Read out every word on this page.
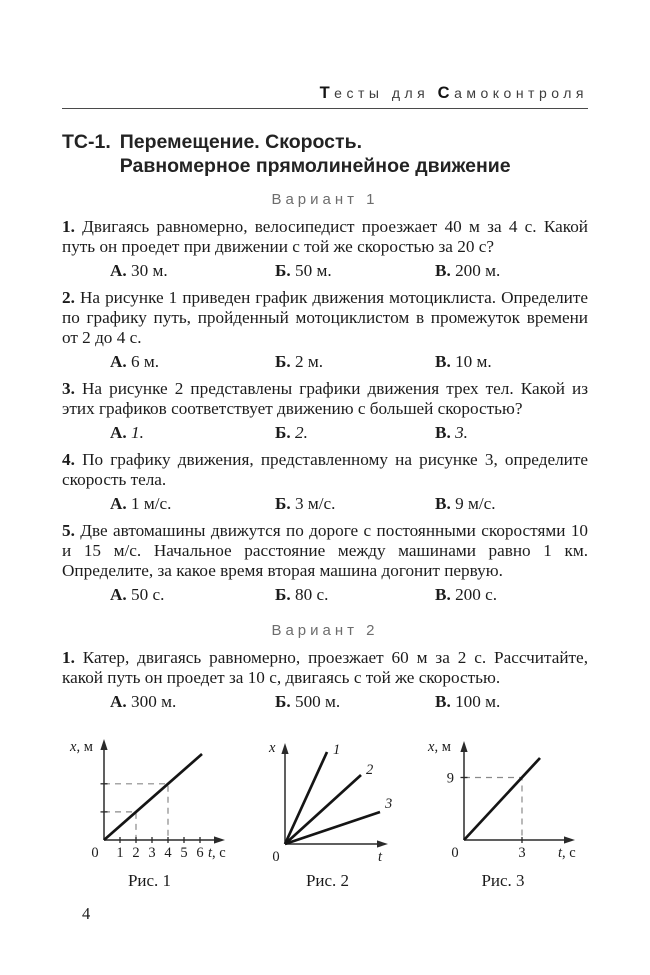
Тесты для Самоконтроля
ТС-1. Перемещение. Скорость.
Равномерное прямолинейное движение
Вариант 1

1. Двигаясь равномерно, велосипедист проезжает 40 м за 4 с. Какой путь он проедет при движении с той же скоростью за 20 с?

А. 30 м.	Б. 50 м.	В. 200 м.

2. На рисунке 1 приведен график движения мотоциклиста. Определите по графику путь, пройденный мотоциклистом в промежуток времени от 2 до 4 с.

А. 6 м.	Б. 2 м.	В. 10 м.

3. На рисунке 2 представлены графики движения трех тел. Какой из этих графиков соответствует движению с большей скоростью?

А. 1.	Б. 2.	В. 3.

4. По графику движения, представленному на рисунке 3, определите скорость тела.

А. 1 м/с.	Б. 3 м/с.	В. 9 м/с.

5. Две автомашины движутся по дороге с постоянными скоростями 10 и 15 м/с. Начальное расстояние между машинами равно 1 км. Определите, за какое время вторая машина догонит первую.

А. 50 с.	Б. 80 с.	В. 200 с.
Вариант 2

1. Катер, двигаясь равномерно, проезжает 60 м за 2 с. Рассчитайте, какой путь он проедет за 10 с, двигаясь с той же скоростью.

А. 300 м.	Б. 500 м.	В. 100 м.
x, м
t, с
0 1 2 3 4 5 6
Рис. 1
x
t
0
1
2
3
Рис. 2
x, м
t, с
0
9
3
Рис. 3
4
